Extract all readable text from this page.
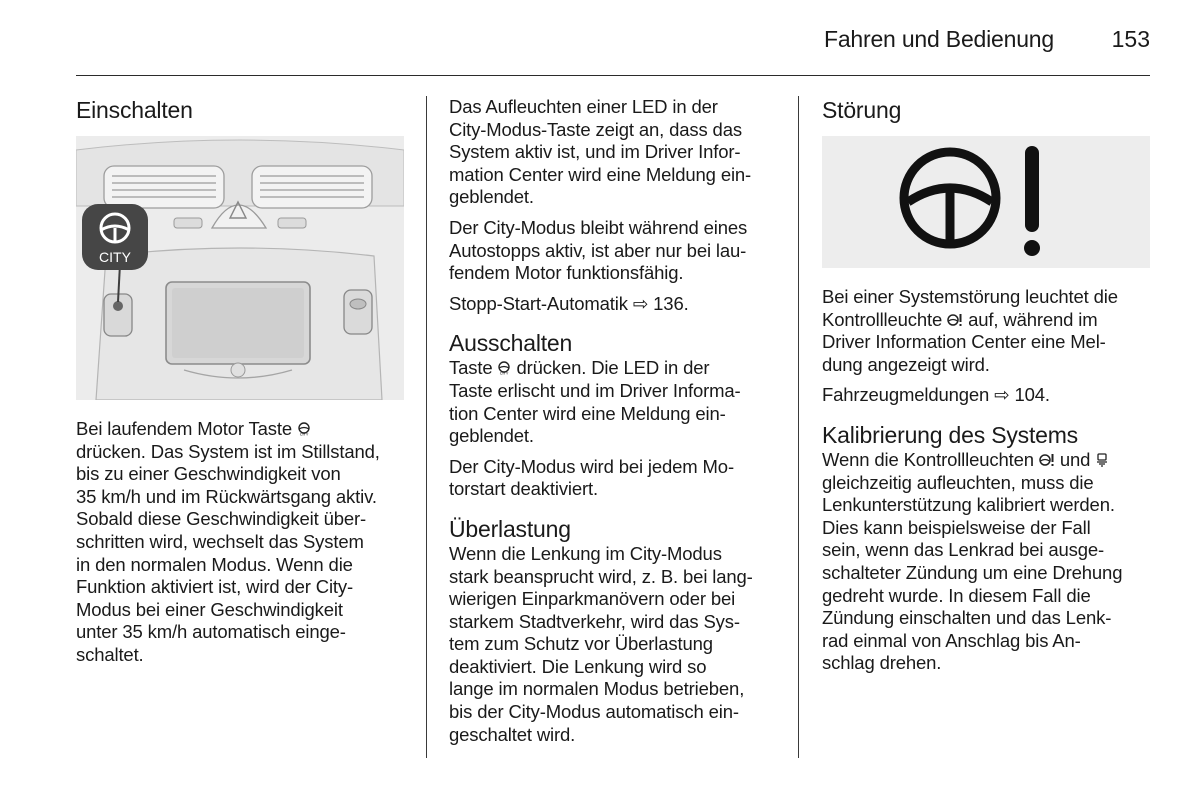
Fahren und Bedienung	153
Einschalten
CITY

Bei laufendem Motor Taste CITY

drücken. Das System ist im Stillstand,
bis zu einer Geschwindigkeit von
35 km/h und im Rückwärtsgang aktiv.
Sobald diese Geschwindigkeit über-
schritten wird, wechselt das System
in den normalen Modus. Wenn die
Funktion aktiviert ist, wird der City-
Modus bei einer Geschwindigkeit
unter 35 km/h automatisch einge-
schaltet.

Das Aufleuchten einer LED in der
City-Modus-Taste zeigt an, dass das
System aktiv ist, und im Driver Infor-
mation Center wird eine Meldung ein-
geblendet.

Der City-Modus bleibt während eines
Autostopps aktiv, ist aber nur bei lau-
fendem Motor funktionsfähig.

Stopp-Start-Automatik ⇨ 136.

Ausschalten

Taste CITY drücken. Die LED in der
Taste erlischt und im Driver Informa-
tion Center wird eine Meldung ein-
geblendet.

Der City-Modus wird bei jedem Mo-
torstart deaktiviert.

Überlastung

Wenn die Lenkung im City-Modus
stark beansprucht wird, z. B. bei lang-
wierigen Einparkmanövern oder bei
starkem Stadtverkehr, wird das Sys-
tem zum Schutz vor Überlastung
deaktiviert. Die Lenkung wird so
lange im normalen Modus betrieben,
bis der City-Modus automatisch ein-
geschaltet wird.

Störung

Bei einer Systemstörung leuchtet die
Kontrollleuchte  auf, während im
Driver Information Center eine Mel-
dung angezeigt wird.

Fahrzeugmeldungen ⇨ 104.

Kalibrierung des Systems

Wenn die Kontrollleuchten  und
gleichzeitig aufleuchten, muss die
Lenkunterstützung kalibriert werden.
Dies kann beispielsweise der Fall
sein, wenn das Lenkrad bei ausge-
schalteter Zündung um eine Drehung
gedreht wurde. In diesem Fall die
Zündung einschalten und das Lenk-
rad einmal von Anschlag bis An-
schlag drehen.
